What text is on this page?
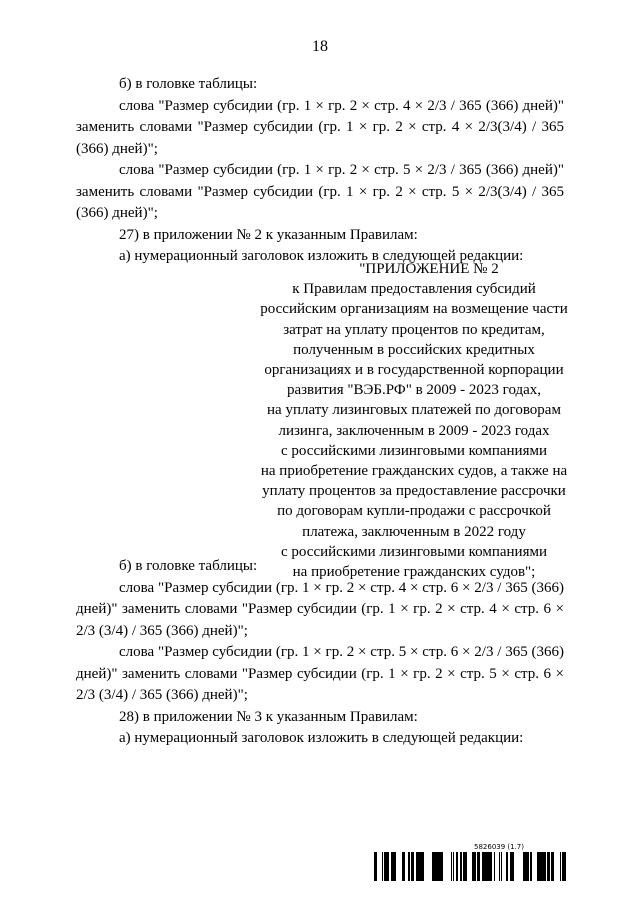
18

б) в головке таблицы:

слова "Размер субсидии (гр. 1 × гр. 2 × стр. 4 × 2/3 / 365 (366) дней)" заменить словами "Размер субсидии (гр. 1 × гр. 2 × стр. 4 × 2/3(3/4) / 365 (366) дней)";

слова "Размер субсидии (гр. 1 × гр. 2 × стр. 5 × 2/3 / 365 (366) дней)" заменить словами "Размер субсидии (гр. 1 × гр. 2 × стр. 5 × 2/3(3/4) / 365 (366) дней)";

27) в приложении № 2 к указанным Правилам:

а) нумерационный заголовок изложить в следующей редакции:

"ПРИЛОЖЕНИЕ № 2

к Правилам предоставления субсидий

российским организациям на возмещение части

затрат на уплату процентов по кредитам,

полученным в российских кредитных

организациях и в государственной корпорации

развития "ВЭБ.РФ" в 2009 - 2023 годах,

на уплату лизинговых платежей по договорам

лизинга, заключенным в 2009 - 2023 годах

с российскими лизинговыми компаниями

на приобретение гражданских судов, а также на

уплату процентов за предоставление рассрочки

по договорам купли-продажи с рассрочкой

платежа, заключенным в 2022 году

с российскими лизинговыми компаниями

на приобретение гражданских судов";

б) в головке таблицы:

слова "Размер субсидии (гр. 1 × гр. 2 × стр. 4 × стр. 6 × 2/3 / 365 (366) дней)" заменить словами "Размер субсидии (гр. 1 × гр. 2 × стр. 4 × стр. 6 × 2/3 (3/4) / 365 (366) дней)";

слова "Размер субсидии (гр. 1 × гр. 2 × стр. 5 × стр. 6 × 2/3 / 365 (366) дней)" заменить словами "Размер субсидии (гр. 1 × гр. 2 × стр. 5 × стр. 6 × 2/3 (3/4) / 365 (366) дней)";

28) в приложении № 3 к указанным Правилам:

а) нумерационный заголовок изложить в следующей редакции:

5826039 (1.7)
